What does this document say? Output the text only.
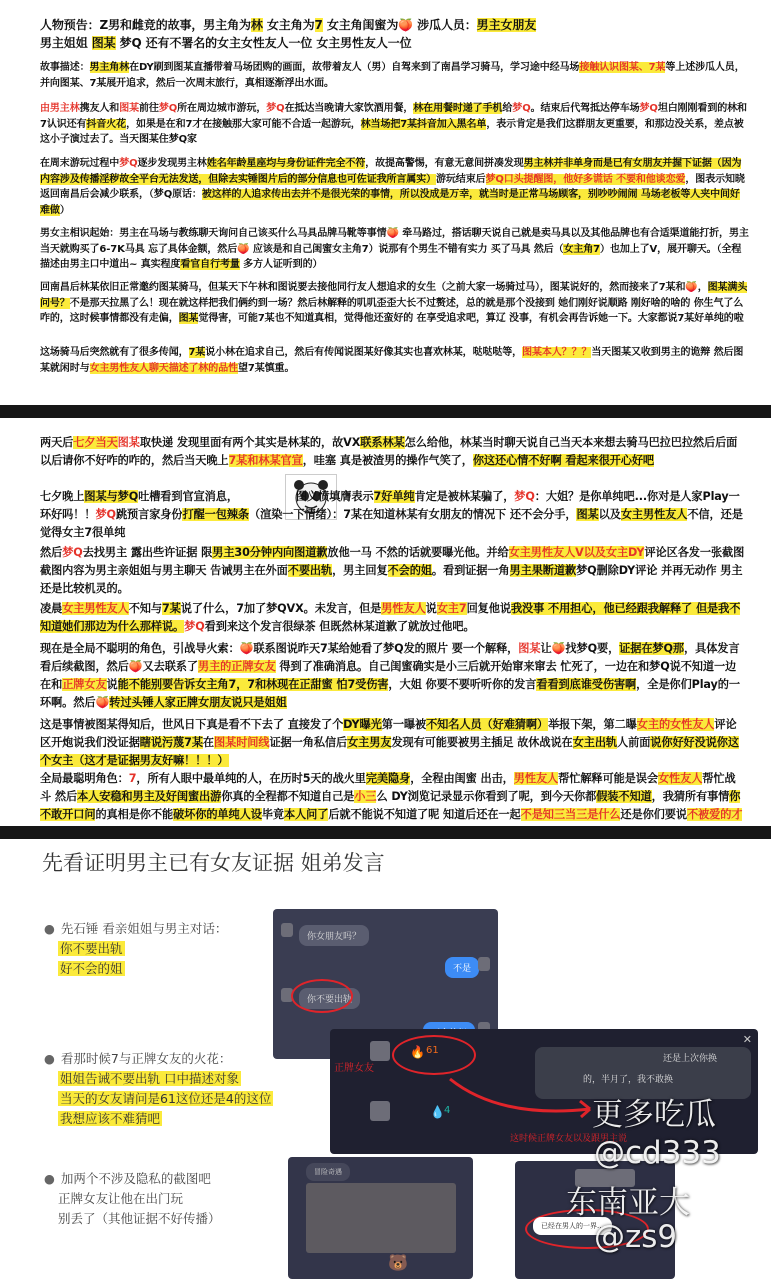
人物预告：Z男和雌竞的故事，男主角为林 女主角为7 女主角闺蜜为🍑 涉瓜人员：男主女朋友
男主姐姐 图某 梦Q 还有不署名的女主女性友人一位 女主男性友人一位

故事描述：男主角林在DY刷到图某直播带着马场团购的画面，故带着友人（男）自驾来到了南昌学习骑马，学习途中经马场接触认识图某、7某等上述涉瓜人员，并向图某、7某展开追求，然后一次周末旅行，真相逐渐浮出水面。

由男主林携友人和图某前往梦Q所在周边城市游玩，梦Q在抵达当晚请大家饮酒用餐，林在用餐时递了手机给梦Q。结束后代驾抵达停车场梦Q坦白刚刚看到的林和7认识还有抖音火花，如果是在和7才在接触那大家可能不合适一起游玩，林当场把7某抖音加入黑名单，表示肯定是我们这群朋友更重要，和那边没关系，差点被这小子演过去了。当天图某住梦Q家

在周末游玩过程中梦Q逐步发现男主林姓名年龄星座均与身份证件完全不符，故提高警惕，有意无意间拼凑发现男主林并非单身而是已有女朋友并握下证据（因为内容涉及传播淫秽故全平台无法发送，但除去实锤图片后的部分信息也可佐证我所言属实）游玩结束后梦Q口头提醒图，他好多谎话 不要和他谈恋爱，图表示知晓 返回南昌后会减少联系，（梦Q原话：被这样的人追求传出去并不是很光荣的事情，所以没成是万幸，就当时是正常马场顾客，别吵吵闹闹 马场老板等人夹中间好难做）

男女主相识起始：男主在马场与教练聊天询问自己该买什么马具品牌马靴等事情🍑 牵马路过，搭话聊天说自己就是卖马具以及其他品牌也有合适渠道能打折，男主当天就购买了6-7K马具 忘了具体金额，然后🍑 应该是和自己闺蜜女主角7）说那有个男生不错有实力 买了马具 然后（女主角7）也加上了V，展开聊天。（全程描述由男主口中道出~ 真实程度看官自行考量 多方人证听到的）

回南昌后林某依旧正常邀约图某骑马，但某天下午林和图说要去接他同行友人想追求的女生（之前大家一场骑过马），图某说好的，然而接来了7某和🍑，图某满头问号？不是那天拉黑了么！现在就这样把我们俩约到一场？然后林解释的叽叽歪歪大长不过赘述，总的就是那个没接到 她们刚好说顺路 刚好啥的啥的 你生气了么 咋的，这时候事情都没有走偏，图某觉得害，可能7某也不知道真相，觉得他还蛮好的 在享受追求吧，算辽 没事，有机会再告诉她一下。大家都说7某好单纯的啦

这场骑马后突然就有了很多传闻，7某说小林在追求自己，然后有传闻说图某好像其实也喜欢林某，哒哒哒等，图某本人？？？当天图某又收到男主的诡辩 然后图某就闲时与女主男性友人聊天描述了林的品性望7某慎重。

两天后七夕当天图某取快递 发现里面有两个其实是林某的，故VX联系林某怎么给他，林某当时聊天说自己当天本来想去骑马巴拉巴拉然后后面以后请你不好咋的咋的，然后当天晚上7某和林某官宣，哇塞 真是被渣男的操作气笑了，你这还心情不好啊 看起来很开心好吧

七夕晚上图某与梦Q吐槽看到官宣消息，	图义愤填膺表示7好单纯肯定是被林某骗了，梦Q：大姐？是你单纯吧...你对是人家Play一环好吗！！梦Q跳预言家身份打醒一包辣条（渲染一下情绪）：7某在知道林某有女朋友的情况下 还不会分手，图某以及女主男性友人不信，还是觉得女主7很单纯

然后梦Q去找男主 露出些许证据 限男主30分钟内向图道歉放他一马 不然的话就要曝光他。并给女主男性友人V以及女主DY评论区各发一张截图 截图内容为男主亲姐姐与男主聊天 告诫男主在外面不要出轨，男主回复不会的姐。看到证据一角男主果断道歉梦Q删除DY评论 并再无动作 男主还是比较机灵的。

凌晨女主男性友人不知与7某说了什么，7加了梦QVX。未发言，但是男性友人说女主7回复他说我没事 不用担心，他已经跟我解释了 但是我不知道她们那边为什么那样说。梦Q看到来这个发言很绿茶 但既然林某道歉了就放过他吧。

现在是全局不聪明的角色，引战导火索：🍑联系图说昨天7某给她看了梦Q发的照片 要一个解释，图某让🍑找梦Q要，证据在梦Q那，具体发言看后续截图，然后🍑又去联系了男主的正牌女友 得到了准确消息。自己闺蜜确实是小三后就开始窜来窜去 忙死了，一边在和梦Q说不知道一边在和正牌女友说能不能别要告诉女主角7，7和林现在正甜蜜 怕7受伤害，大姐 你要不要听听你的发言看看到底谁受伤害啊，全是你们Play的一环啊。然后🍑转过头锤人家正牌女朋友说只是姐姐

这是事情被图某得知后，世风日下真是看不下去了 直接发了个DY曝光第一曝被不知名人员（好难猜啊）举报下架，第二曝女主的女性友人评论区开炮说我们没证据瞎说污蔑7某在图某时间线证据一角私信后女主男友发现有可能要被男主插足 故休战说在女主出轨人前面说你好好没说你这个女主（这才是证据男友好嘛！！！）

全局最聪明角色：7，所有人眼中最单纯的人，在历时5天的战火里完美隐身，全程由闺蜜 出击，男性友人帮忙解释可能是误会女性友人帮忙战斗 然后本人安稳和男主及好闺蜜出游你真的全程都不知道自己是小三么 DY浏览记录显示你看到了呢，到今天你都假装不知道，我猜所有事情你不敢开口问的真相是你不能破坏你的单纯人设毕竟本人问了后就不能说不知道了呢 知道后还在一起不是知三当三是什么还是你们要说不被爱的才

先看证明男主已有女友证据 姐弟发言

● 先石锤 看亲姐姐与男主对话：
你不要出轨
好不会的姐
● 看那时候7与正牌女友的火花：
姐姐告诫不要出轨 口中描述对象
当天的女友请问是61这位还是4的这位
我想应该不难猜吧
● 加两个不涉及隐私的截图吧
正牌女友让他在出门玩
别丢了（其他证据不好传播）
你女朋友吗？
不是
你不要出轨
🔥 61
正牌女友
💧 4
还是上次你换
的，半月了，我不敢换
✕
这时候正牌女友以及跟男主说
冒险奇遇
🐻
已经在男人的一界...
更多吃瓜
@cd333
东南亚大
@zs9
